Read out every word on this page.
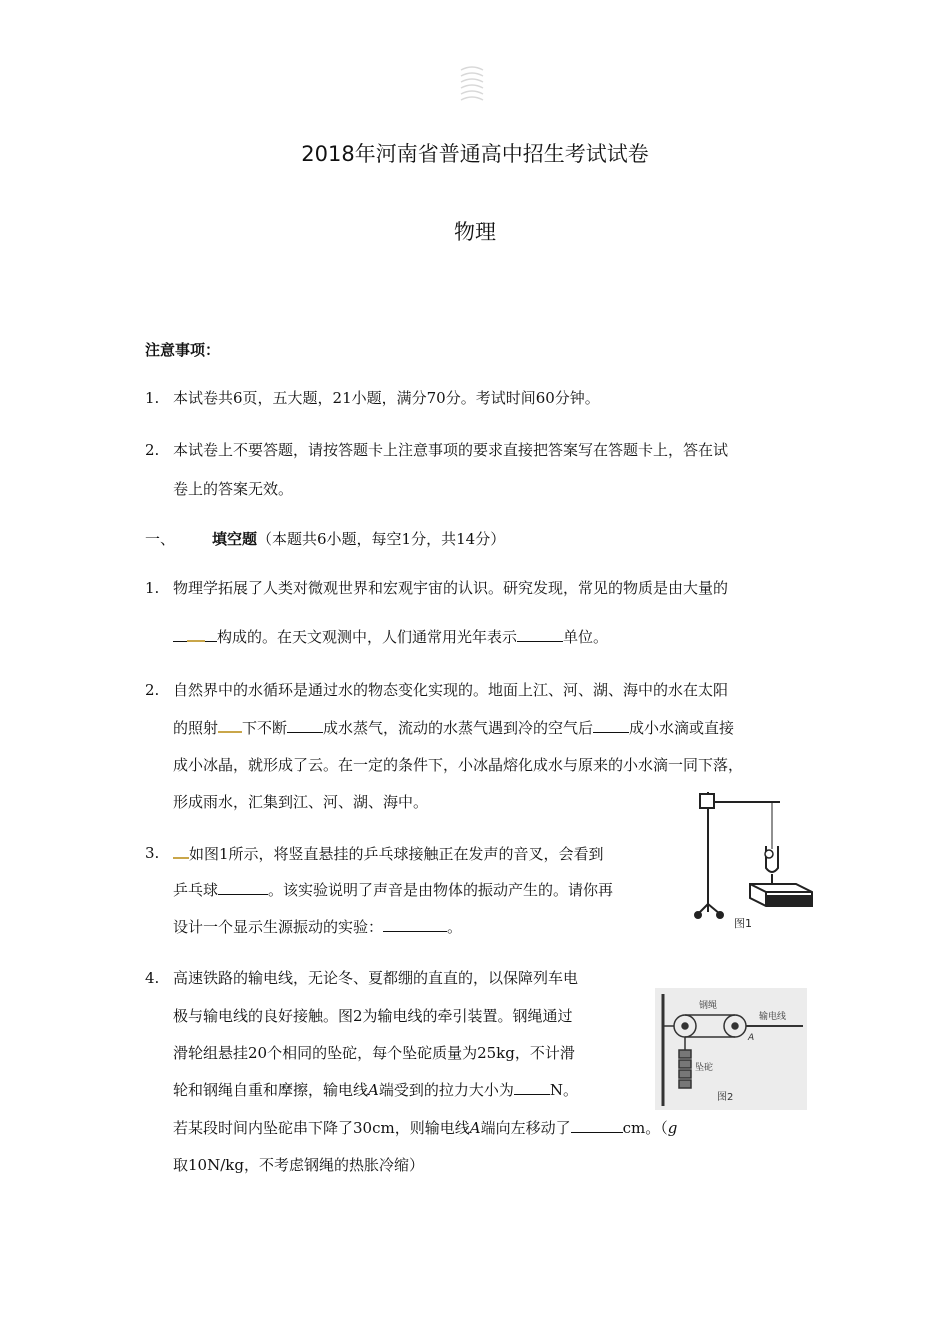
2018年河南省普通高中招生考试试卷
物理
注意事项：
1. 本试卷共6页，五大题，21小题，满分70分。考试时间60分钟。
2. 本试卷上不要答题，请按答题卡上注意事项的要求直接把答案写在答题卡上，答在试
卷上的答案无效。
一、 填空题（本题共6小题，每空1分，共14分）
1. 物理学拓展了人类对微观世界和宏观宇宙的认识。研究发现，常见的物质是由大量的
构成的。在天文观测中，人们通常用光年表示	单位。
2. 自然界中的水循环是通过水的物态变化实现的。地面上江、河、湖、海中的水在太阳
的照射 下不断 成水蒸气，流动的水蒸气遇到冷的空气后 成小水滴或直接
成小冰晶，就形成了云。在一定的条件下，小冰晶熔化成水与原来的小水滴一同下落，
形成雨水，汇集到江、河、湖、海中。
3.	如图1所示，将竖直悬挂的乒乓球接触正在发声的音叉，会看到
乒乓球	。该实验说明了声音是由物体的振动产生的。请你再
设计一个显示生源振动的实验：	。	图1
4. 高速铁路的输电线，无论冬、夏都绷的直直的，以保障列车电
极与输电线的良好接触。图2为输电线的牵引装置。钢绳通过
滑轮组悬挂20个相同的坠砣，每个坠砣质量为25kg，不计滑
轮和钢绳自重和摩擦，输电线A端受到的拉力大小为 N。
若某段时间内坠砣串下降了30cm，则输电线A端向左移动了	cm。（g
取10N/kg，不考虑钢绳的热胀冷缩）
钢绳
输电线
坠砣
A
图2
